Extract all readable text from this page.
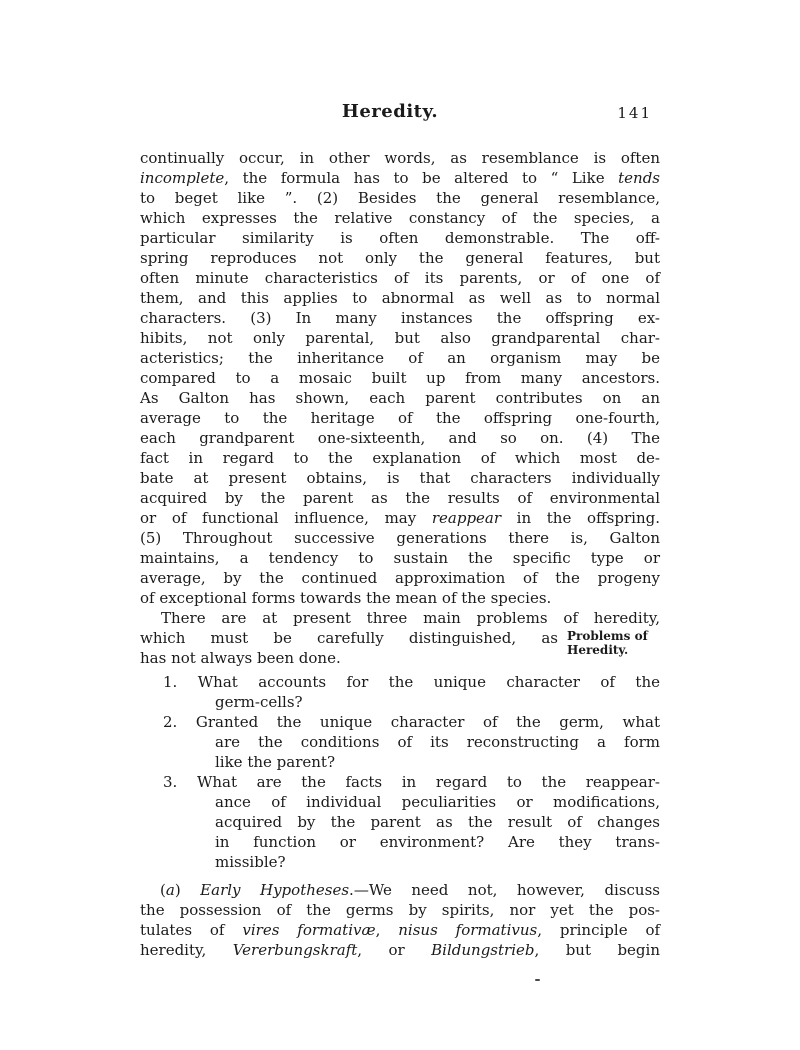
Heredity.	141
continually occur, in other words, as resemblance is often
incomplete, the formula has to be altered to “ Like tends
to beget like ”. (2) Besides the general resemblance,
which expresses the relative constancy of the species, a
particular similarity is often demonstrable. The off-
spring reproduces not only the general features, but
often minute characteristics of its parents, or of one of
them, and this applies to abnormal as well as to normal
characters. (3) In many instances the offspring ex-
hibits, not only parental, but also grandparental char-
acteristics; the inheritance of an organism may be
compared to a mosaic built up from many ancestors.
As Galton has shown, each parent contributes on an
average to the heritage of the offspring one-fourth,
each grandparent one-sixteenth, and so on. (4) The
fact in regard to the explanation of which most de-
bate at present obtains, is that characters individually
acquired by the parent as the results of environmental
or of functional influence, may reappear in the offspring.
(5) Throughout successive generations there is, Galton
maintains, a tendency to sustain the specific type or
average, by the continued approximation of the progeny
of exceptional forms towards the mean of the species.
There are at present three main problems of heredity,
which must be carefully distinguished, as
has not always been done.
1. What accounts for the unique character of the
germ-cells?
2. Granted the unique character of the germ, what
are the conditions of its reconstructing a form
like the parent?
3. What are the facts in regard to the reappear-
ance of individual peculiarities or modifications,
acquired by the parent as the result of changes
in function or environment? Are they trans-
missible?
(a) Early Hypotheses.—We need not, however, discuss
the possession of the germs by spirits, nor yet the pos-
tulates of vires formativæ, nisus formativus, principle of
heredity, Vererbungskraft, or Bildungstrieb, but begin
Problems of
Heredity.
